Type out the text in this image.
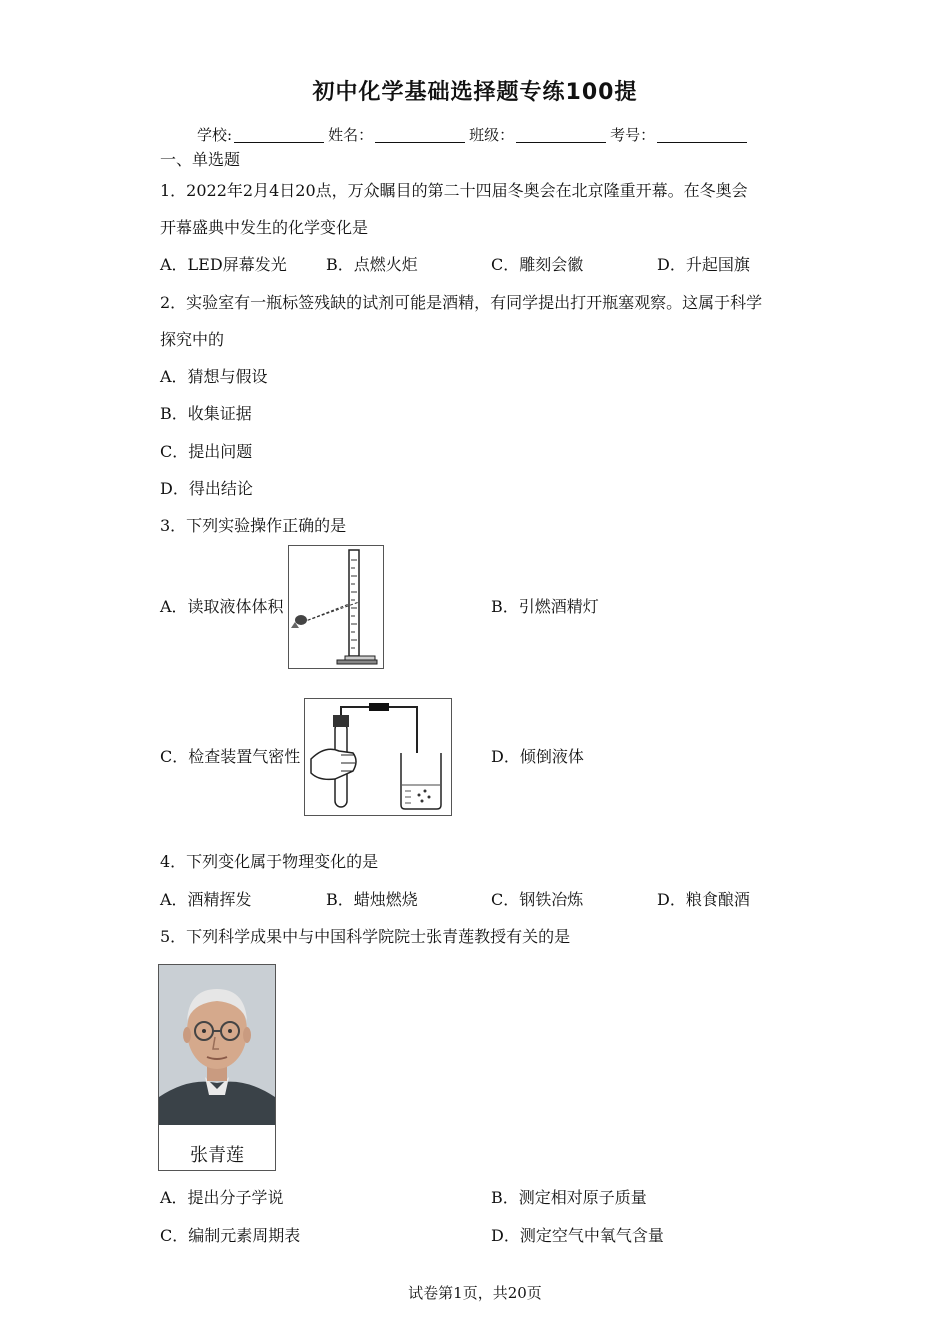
初中化学基础选择题专练100提
学校:	姓名：	班级：	考号：
一、单选题
1．2022年2月4日20点，万众瞩目的第二十四届冬奥会在北京隆重开幕。在冬奥会
开幕盛典中发生的化学变化是
A．LED屏幕发光 B．点燃火炬	C．雕刻会徽	D．升起国旗
2．实验室有一瓶标签残缺的试剂可能是酒精，有同学提出打开瓶塞观察。这属于科学
探究中的
A．猜想与假设
B．收集证据
C．提出问题
D．得出结论
3．下列实验操作正确的是
A．读取液体体积	B．引燃酒精灯
C．检查装置气密性	D．倾倒液体
4．下列变化属于物理变化的是
A．酒精挥发	B．蜡烛燃烧	C．钢铁冶炼	D．粮食酿酒
5．下列科学成果中与中国科学院院士张青莲教授有关的是
张青莲
A．提出分子学说	B．测定相对原子质量
C．编制元素周期表	D．测定空气中氧气含量
试卷第1页，共20页
